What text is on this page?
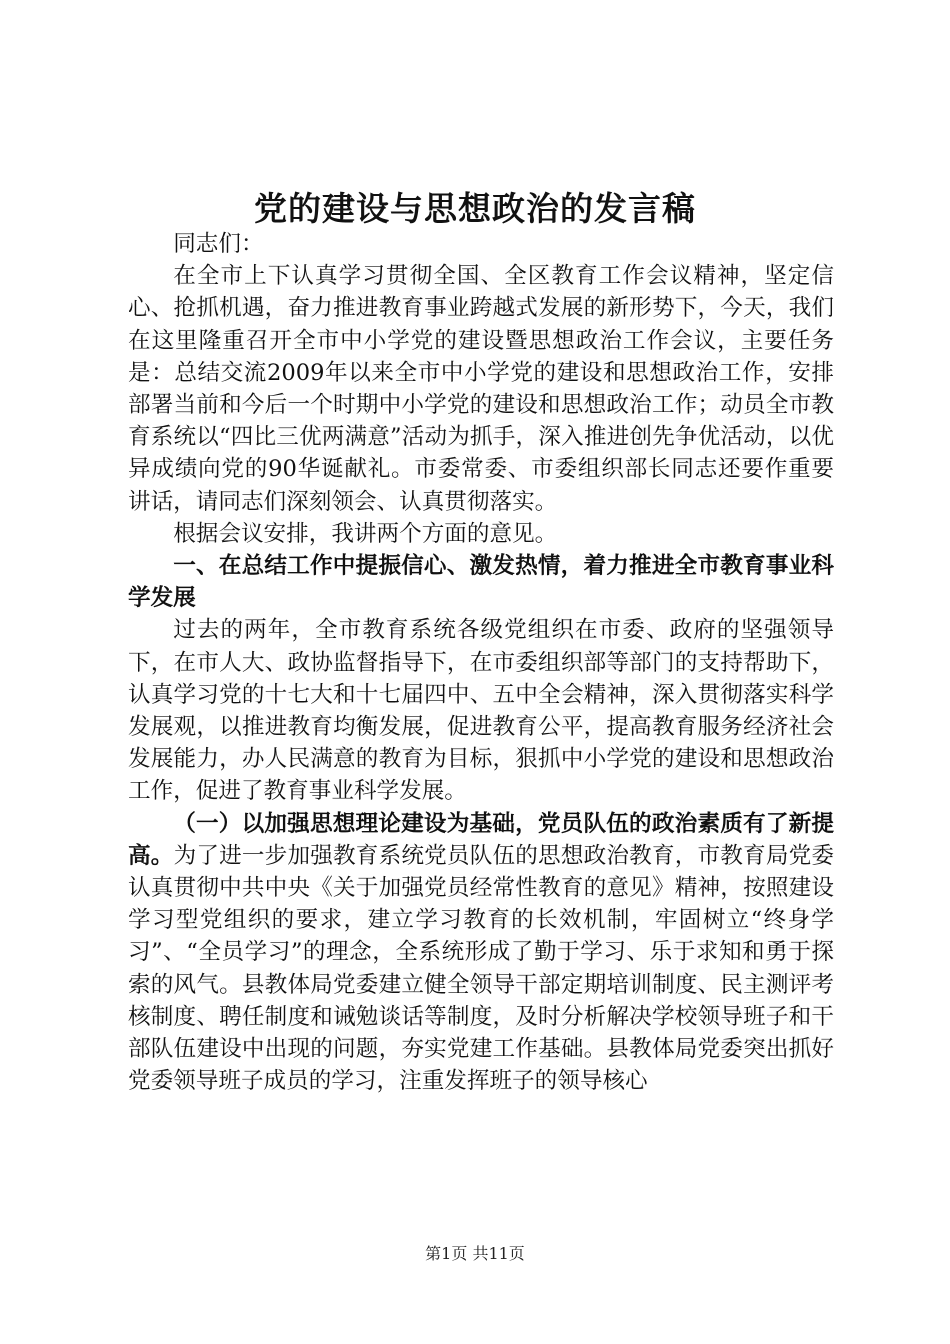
党的建设与思想政治的发言稿

同志们：

在全市上下认真学习贯彻全国、全区教育工作会议精神，坚定信心、抢抓机遇，奋力推进教育事业跨越式发展的新形势下，今天，我们在这里隆重召开全市中小学党的建设暨思想政治工作会议，主要任务是：总结交流2009年以来全市中小学党的建设和思想政治工作，安排部署当前和今后一个时期中小学党的建设和思想政治工作；动员全市教育系统以“四比三优两满意”活动为抓手，深入推进创先争优活动，以优异成绩向党的90华诞献礼。市委常委、市委组织部长同志还要作重要讲话，请同志们深刻领会、认真贯彻落实。

根据会议安排，我讲两个方面的意见。

一、在总结工作中提振信心、激发热情，着力推进全市教育事业科学发展

过去的两年，全市教育系统各级党组织在市委、政府的坚强领导下，在市人大、政协监督指导下，在市委组织部等部门的支持帮助下，认真学习党的十七大和十七届四中、五中全会精神，深入贯彻落实科学发展观，以推进教育均衡发展，促进教育公平，提高教育服务经济社会发展能力，办人民满意的教育为目标，狠抓中小学党的建设和思想政治工作，促进了教育事业科学发展。

（一）以加强思想理论建设为基础，党员队伍的政治素质有了新提高。为了进一步加强教育系统党员队伍的思想政治教育，市教育局党委认真贯彻中共中央《关于加强党员经常性教育的意见》精神，按照建设学习型党组织的要求，建立学习教育的长效机制，牢固树立“终身学习”、“全员学习”的理念，全系统形成了勤于学习、乐于求知和勇于探索的风气。县教体局党委建立健全领导干部定期培训制度、民主测评考核制度、聘任制度和诫勉谈话等制度，及时分析解决学校领导班子和干部队伍建设中出现的问题，夯实党建工作基础。县教体局党委突出抓好党委领导班子成员的学习，注重发挥班子的领导核心

第1页 共11页
